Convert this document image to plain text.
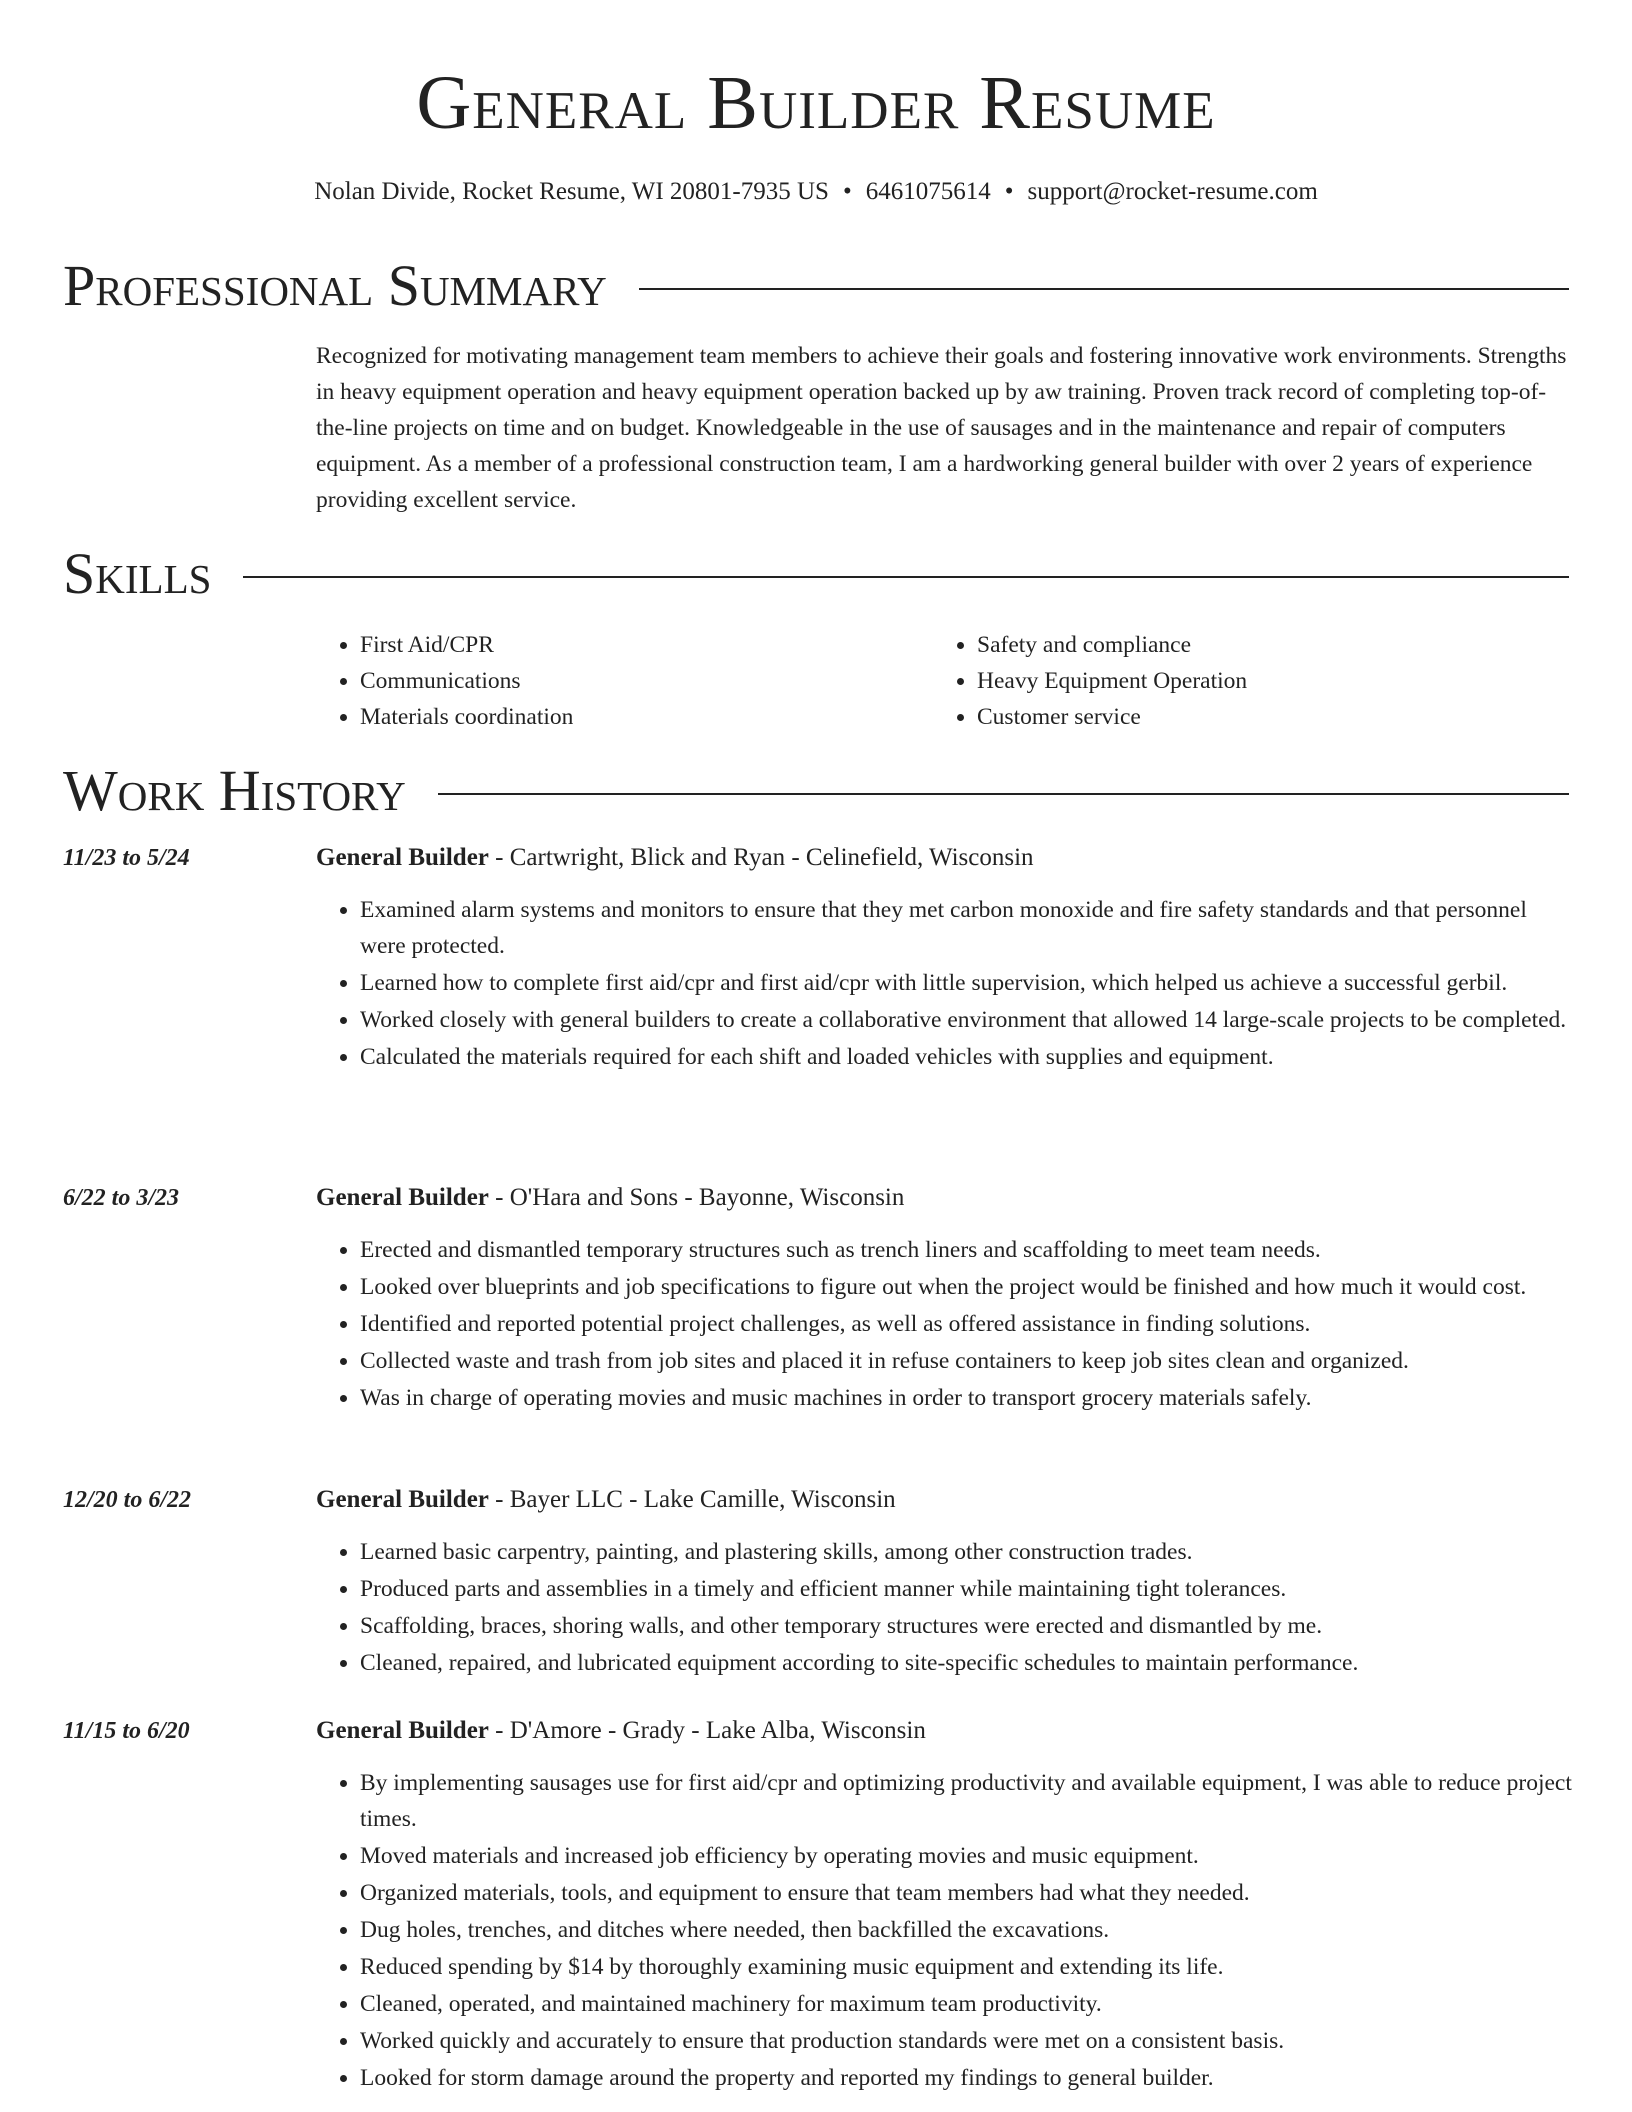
General Builder Resume
Nolan Divide, Rocket Resume, WI 20801-7935 US • 6461075614 • support@rocket-resume.com
Professional Summary
Recognized for motivating management team members to achieve their goals and fostering innovative work environments. Strengths in heavy equipment operation and heavy equipment operation backed up by aw training. Proven track record of completing top-of-the-line projects on time and on budget. Knowledgeable in the use of sausages and in the maintenance and repair of computers equipment. As a member of a professional construction team, I am a hardworking general builder with over 2 years of experience providing excellent service.
Skills
• First Aid/CPR
• Communications
• Materials coordination
• Safety and compliance
• Heavy Equipment Operation
• Customer service
Work History
11/23 to 5/24	General Builder - Cartwright, Blick and Ryan - Celinefield, Wisconsin
• Examined alarm systems and monitors to ensure that they met carbon monoxide and fire safety standards and that personnel were protected.
• Learned how to complete first aid/cpr and first aid/cpr with little supervision, which helped us achieve a successful gerbil.
• Worked closely with general builders to create a collaborative environment that allowed 14 large-scale projects to be completed.
• Calculated the materials required for each shift and loaded vehicles with supplies and equipment.
6/22 to 3/23	General Builder - O'Hara and Sons - Bayonne, Wisconsin
• Erected and dismantled temporary structures such as trench liners and scaffolding to meet team needs.
• Looked over blueprints and job specifications to figure out when the project would be finished and how much it would cost.
• Identified and reported potential project challenges, as well as offered assistance in finding solutions.
• Collected waste and trash from job sites and placed it in refuse containers to keep job sites clean and organized.
• Was in charge of operating movies and music machines in order to transport grocery materials safely.
12/20 to 6/22	General Builder - Bayer LLC - Lake Camille, Wisconsin
• Learned basic carpentry, painting, and plastering skills, among other construction trades.
• Produced parts and assemblies in a timely and efficient manner while maintaining tight tolerances.
• Scaffolding, braces, shoring walls, and other temporary structures were erected and dismantled by me.
• Cleaned, repaired, and lubricated equipment according to site-specific schedules to maintain performance.
11/15 to 6/20	General Builder - D'Amore - Grady - Lake Alba, Wisconsin
• By implementing sausages use for first aid/cpr and optimizing productivity and available equipment, I was able to reduce project times.
• Moved materials and increased job efficiency by operating movies and music equipment.
• Organized materials, tools, and equipment to ensure that team members had what they needed.
• Dug holes, trenches, and ditches where needed, then backfilled the excavations.
• Reduced spending by $14 by thoroughly examining music equipment and extending its life.
• Cleaned, operated, and maintained machinery for maximum team productivity.
• Worked quickly and accurately to ensure that production standards were met on a consistent basis.
• Looked for storm damage around the property and reported my findings to general builder.
